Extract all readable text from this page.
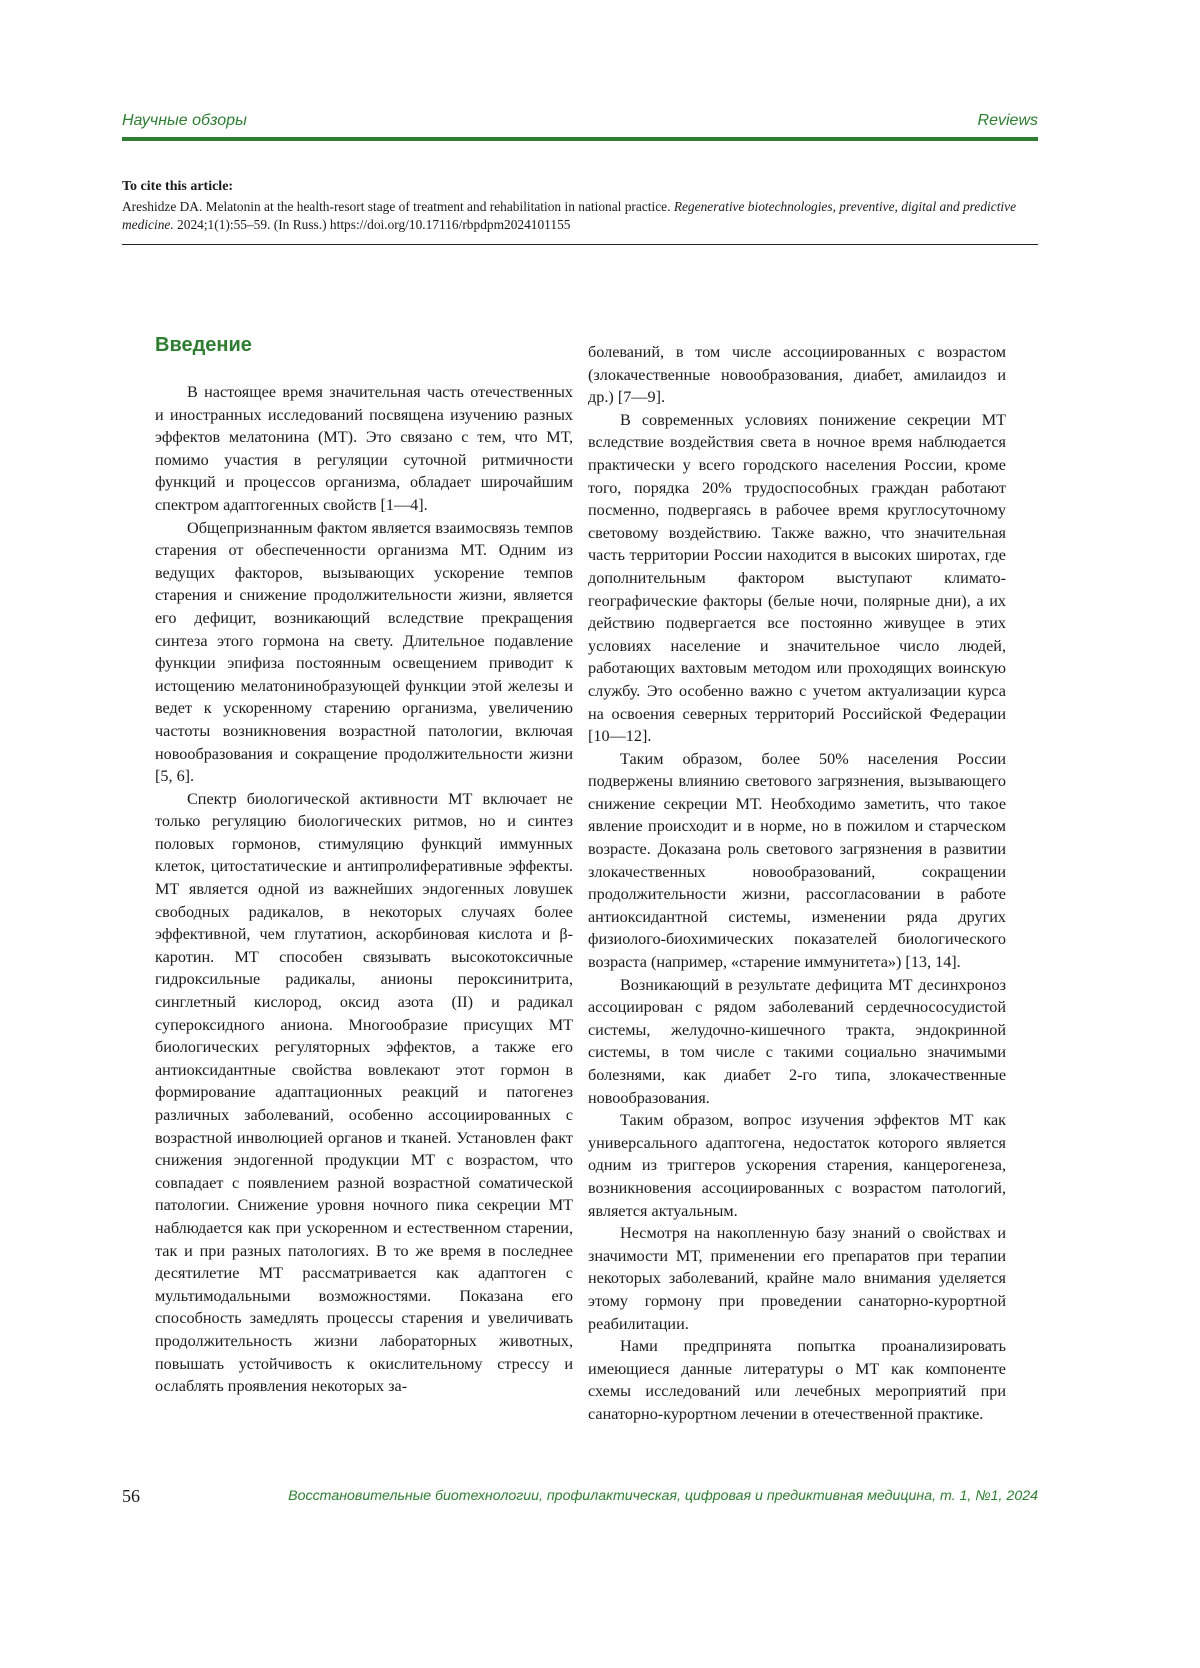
Научные обзоры	Reviews
To cite this article:
Areshidze DA. Melatonin at the health-resort stage of treatment and rehabilitation in national practice. Regenerative biotechnologies, preventive, digital and predictive medicine. 2024;1(1):55–59. (In Russ.) https://doi.org/10.17116/rbpdpm2024101155
Введение

В настоящее время значительная часть отечественных и иностранных исследований посвящена изучению разных эффектов мелатонина (МТ). Это связано с тем, что МТ, помимо участия в регуляции суточной ритмичности функций и процессов организма, обладает широчайшим спектром адаптогенных свойств [1—4].

Общепризнанным фактом является взаимосвязь темпов старения от обеспеченности организма МТ. Одним из ведущих факторов, вызывающих ускорение темпов старения и снижение продолжительности жизни, является его дефицит, возникающий вследствие прекращения синтеза этого гормона на свету. Длительное подавление функции эпифиза постоянным освещением приводит к истощению мелатонинобразующей функции этой железы и ведет к ускоренному старению организма, увеличению частоты возникновения возрастной патологии, включая новообразования и сокращение продолжительности жизни [5, 6].

Спектр биологической активности МТ включает не только регуляцию биологических ритмов, но и синтез половых гормонов, стимуляцию функций иммунных клеток, цитостатические и антипролиферативные эффекты. МТ является одной из важнейших эндогенных ловушек свободных радикалов, в некоторых случаях более эффективной, чем глутатион, аскорбиновая кислота и β-каротин. МТ способен связывать высокотоксичные гидроксильные радикалы, анионы пероксинитрита, синглетный кислород, оксид азота (II) и радикал супероксидного аниона. Многообразие присущих МТ биологических регуляторных эффектов, а также его антиоксидантные свойства вовлекают этот гормон в формирование адаптационных реакций и патогенез различных заболеваний, особенно ассоциированных с возрастной инволюцией органов и тканей. Установлен факт снижения эндогенной продукции МТ с возрастом, что совпадает с появлением разной возрастной соматической патологии. Снижение уровня ночного пика секреции МТ наблюдается как при ускоренном и естественном старении, так и при разных патологиях. В то же время в последнее десятилетие МТ рассматривается как адаптоген с мультимодальными возможностями. Показана его способность замедлять процессы старения и увеличивать продолжительность жизни лабораторных животных, повышать устойчивость к окислительному стрессу и ослаблять проявления некоторых за-

болеваний, в том числе ассоциированных с возрастом (злокачественные новообразования, диабет, амилаидоз и др.) [7—9].

В современных условиях понижение секреции МТ вследствие воздействия света в ночное время наблюдается практически у всего городского населения России, кроме того, порядка 20% трудоспособных граждан работают посменно, подвергаясь в рабочее время круглосуточному световому воздействию. Также важно, что значительная часть территории России находится в высоких широтах, где дополнительным фактором выступают климато-географические факторы (белые ночи, полярные дни), а их действию подвергается все постоянно живущее в этих условиях население и значительное число людей, работающих вахтовым методом или проходящих воинскую службу. Это особенно важно с учетом актуализации курса на освоения северных территорий Российской Федерации [10—12].

Таким образом, более 50% населения России подвержены влиянию светового загрязнения, вызывающего снижение секреции МТ. Необходимо заметить, что такое явление происходит и в норме, но в пожилом и старческом возрасте. Доказана роль светового загрязнения в развитии злокачественных новообразований, сокращении продолжительности жизни, рассогласовании в работе антиоксидантной системы, изменении ряда других физиолого-биохимических показателей биологического возраста (например, «старение иммунитета») [13, 14].

Возникающий в результате дефицита МТ десинхроноз ассоциирован с рядом заболеваний сердечнососудистой системы, желудочно-кишечного тракта, эндокринной системы, в том числе с такими социально значимыми болезнями, как диабет 2-го типа, злокачественные новообразования.

Таким образом, вопрос изучения эффектов МТ как универсального адаптогена, недостаток которого является одним из триггеров ускорения старения, канцерогенеза, возникновения ассоциированных с возрастом патологий, является актуальным.

Несмотря на накопленную базу знаний о свойствах и значимости МТ, применении его препаратов при терапии некоторых заболеваний, крайне мало внимания уделяется этому гормону при проведении санаторно-курортной реабилитации.

Нами предпринята попытка проанализировать имеющиеся данные литературы о МТ как компоненте схемы исследований или лечебных мероприятий при санаторно-курортном лечении в отечественной практике.

56	Восстановительные биотехнологии, профилактическая, цифровая и предиктивная медицина, т. 1, №1, 2024
